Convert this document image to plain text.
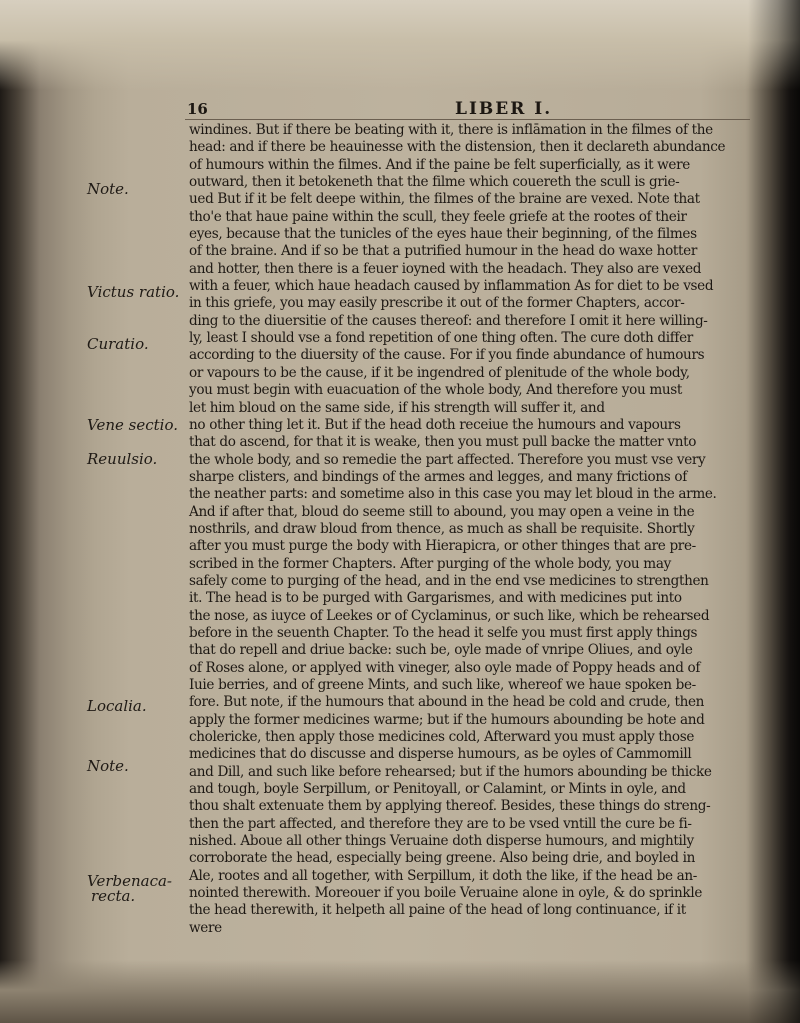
16	LIBER I.
Note.
Victus ratio.
Curatio.
Vene sectio.
Reuulsio.
Localia.
Note.
Verbenaca-
recta.
windines. But if there be beating with it, there is inflāmation in the filmes of the
head: and if there be heauinesse with the distension, then it declareth abundance
of humours within the filmes. And if the paine be felt superficially, as it were
outward, then it betokeneth that the filme which couereth the scull is grie-
ued But if it be felt deepe within, the filmes of the braine are vexed. Note that
tho'e that haue paine within the scull, they feele griefe at the rootes of their
eyes, because that the tunicles of the eyes haue their beginning, of the filmes
of the braine. And if so be that a putrified humour in the head do waxe hotter
and hotter, then there is a feuer ioyned with the headach. They also are vexed
with a feuer, which haue headach caused by inflammation As for diet to be vsed
in this griefe, you may easily prescribe it out of the former Chapters, accor-
ding to the diuersitie of the causes thereof: and therefore I omit it here willing-
ly, least I should vse a fond repetition of one thing often. The cure doth differ
according to the diuersity of the cause. For if you finde abundance of humours
or vapours to be the cause, if it be ingendred of plenitude of the whole body,
you must begin with euacuation of the whole body, And therefore you must
let him bloud on the same side, if his strength will suffer it, and
no other thing let it. But if the head doth receiue the humours and vapours
that do ascend, for that it is weake, then you must pull backe the matter vnto
the whole body, and so remedie the part affected. Therefore you must vse very
sharpe clisters, and bindings of the armes and legges, and many frictions of
the neather parts: and sometime also in this case you may let bloud in the arme.
And if after that, bloud do seeme still to abound, you may open a veine in the
nosthrils, and draw bloud from thence, as much as shall be requisite. Shortly
after you must purge the body with Hierapicra, or other thinges that are pre-
scribed in the former Chapters. After purging of the whole body, you may
safely come to purging of the head, and in the end vse medicines to strengthen
it. The head is to be purged with Gargarismes, and with medicines put into
the nose, as iuyce of Leekes or of Cyclaminus, or such like, which be rehearsed
before in the seuenth Chapter. To the head it selfe you must first apply things
that do repell and driue backe: such be, oyle made of vnripe Oliues, and oyle
of Roses alone, or applyed with vineger, also oyle made of Poppy heads and of
Iuie berries, and of greene Mints, and such like, whereof we haue spoken be-
fore. But note, if the humours that abound in the head be cold and crude, then
apply the former medicines warme; but if the humours abounding be hote and
cholericke, then apply those medicines cold, Afterward you must apply those
medicines that do discusse and disperse humours, as be oyles of Cammomill
and Dill, and such like before rehearsed; but if the humors abounding be thicke
and tough, boyle Serpillum, or Penitoyall, or Calamint, or Mints in oyle, and
thou shalt extenuate them by applying thereof. Besides, these things do streng-
then the part affected, and therefore they are to be vsed vntill the cure be fi-
nished. Aboue all other things Veruaine doth disperse humours, and mightily
corroborate the head, especially being greene. Also being drie, and boyled in
Ale, rootes and all together, with Serpillum, it doth the like, if the head be an-
nointed therewith. Moreouer if you boile Veruaine alone in oyle, & do sprinkle
the head therewith, it helpeth all paine of the head of long continuance, if it
were
